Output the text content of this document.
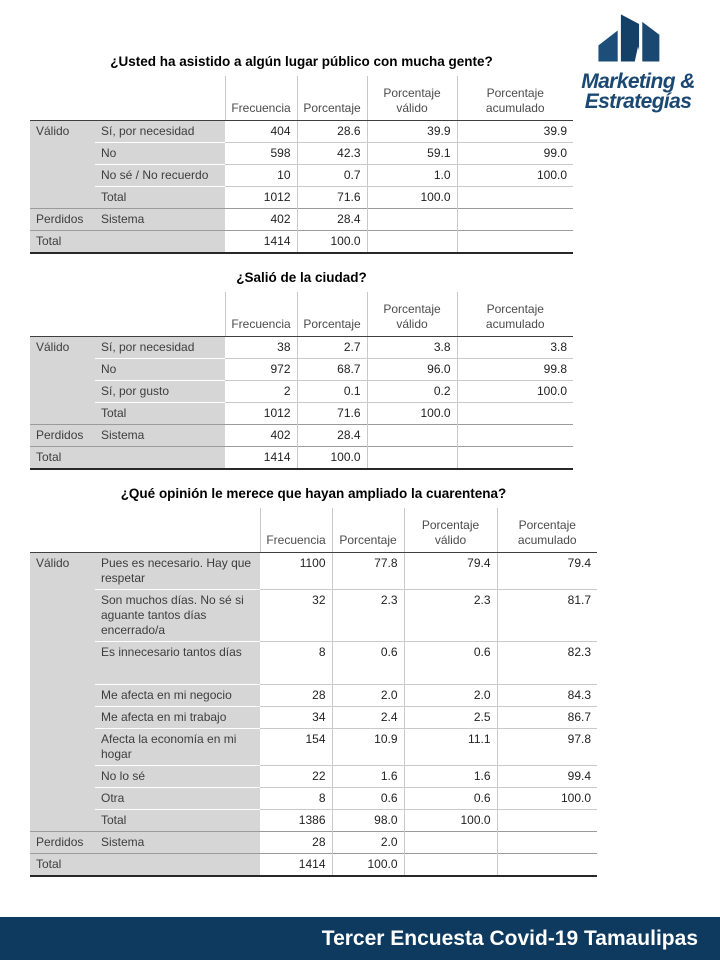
Marketing &
Estrategías
¿Usted ha asistido a algún lugar público con mucha gente?
		Frecuencia	Porcentaje	Porcentaje válido	Porcentaje acumulado
Válido	Sí, por necesidad	404	28.6	39.9	39.9
	No	598	42.3	59.1	99.0
	No sé / No recuerdo	10	0.7	1.0	100.0
	Total	1012	71.6	100.0	
Perdidos	Sistema	402	28.4		
Total		1414	100.0		
¿Salió de la ciudad?
		Frecuencia	Porcentaje	Porcentaje válido	Porcentaje acumulado
Válido	Sí, por necesidad	38	2.7	3.8	3.8
	No	972	68.7	96.0	99.8
	Sí, por gusto	2	0.1	0.2	100.0
	Total	1012	71.6	100.0	
Perdidos	Sistema	402	28.4		
Total		1414	100.0		
¿Qué opinión le merece que hayan ampliado la cuarentena?
		Frecuencia	Porcentaje	Porcentaje válido	Porcentaje acumulado
Válido	Pues es necesario. Hay que respetar	1100	77.8	79.4	79.4
	Son muchos días. No sé si aguante tantos días encerrado/a	32	2.3	2.3	81.7
	Es innecesario tantos días	8	0.6	0.6	82.3
	Me afecta en mi negocio	28	2.0	2.0	84.3
	Me afecta en mi trabajo	34	2.4	2.5	86.7
	Afecta la economía en mi hogar	154	10.9	11.1	97.8
	No lo sé	22	1.6	1.6	99.4
	Otra	8	0.6	0.6	100.0
	Total	1386	98.0	100.0	
Perdidos	Sistema	28	2.0		
Total		1414	100.0		
Tercer Encuesta Covid-19 Tamaulipas
